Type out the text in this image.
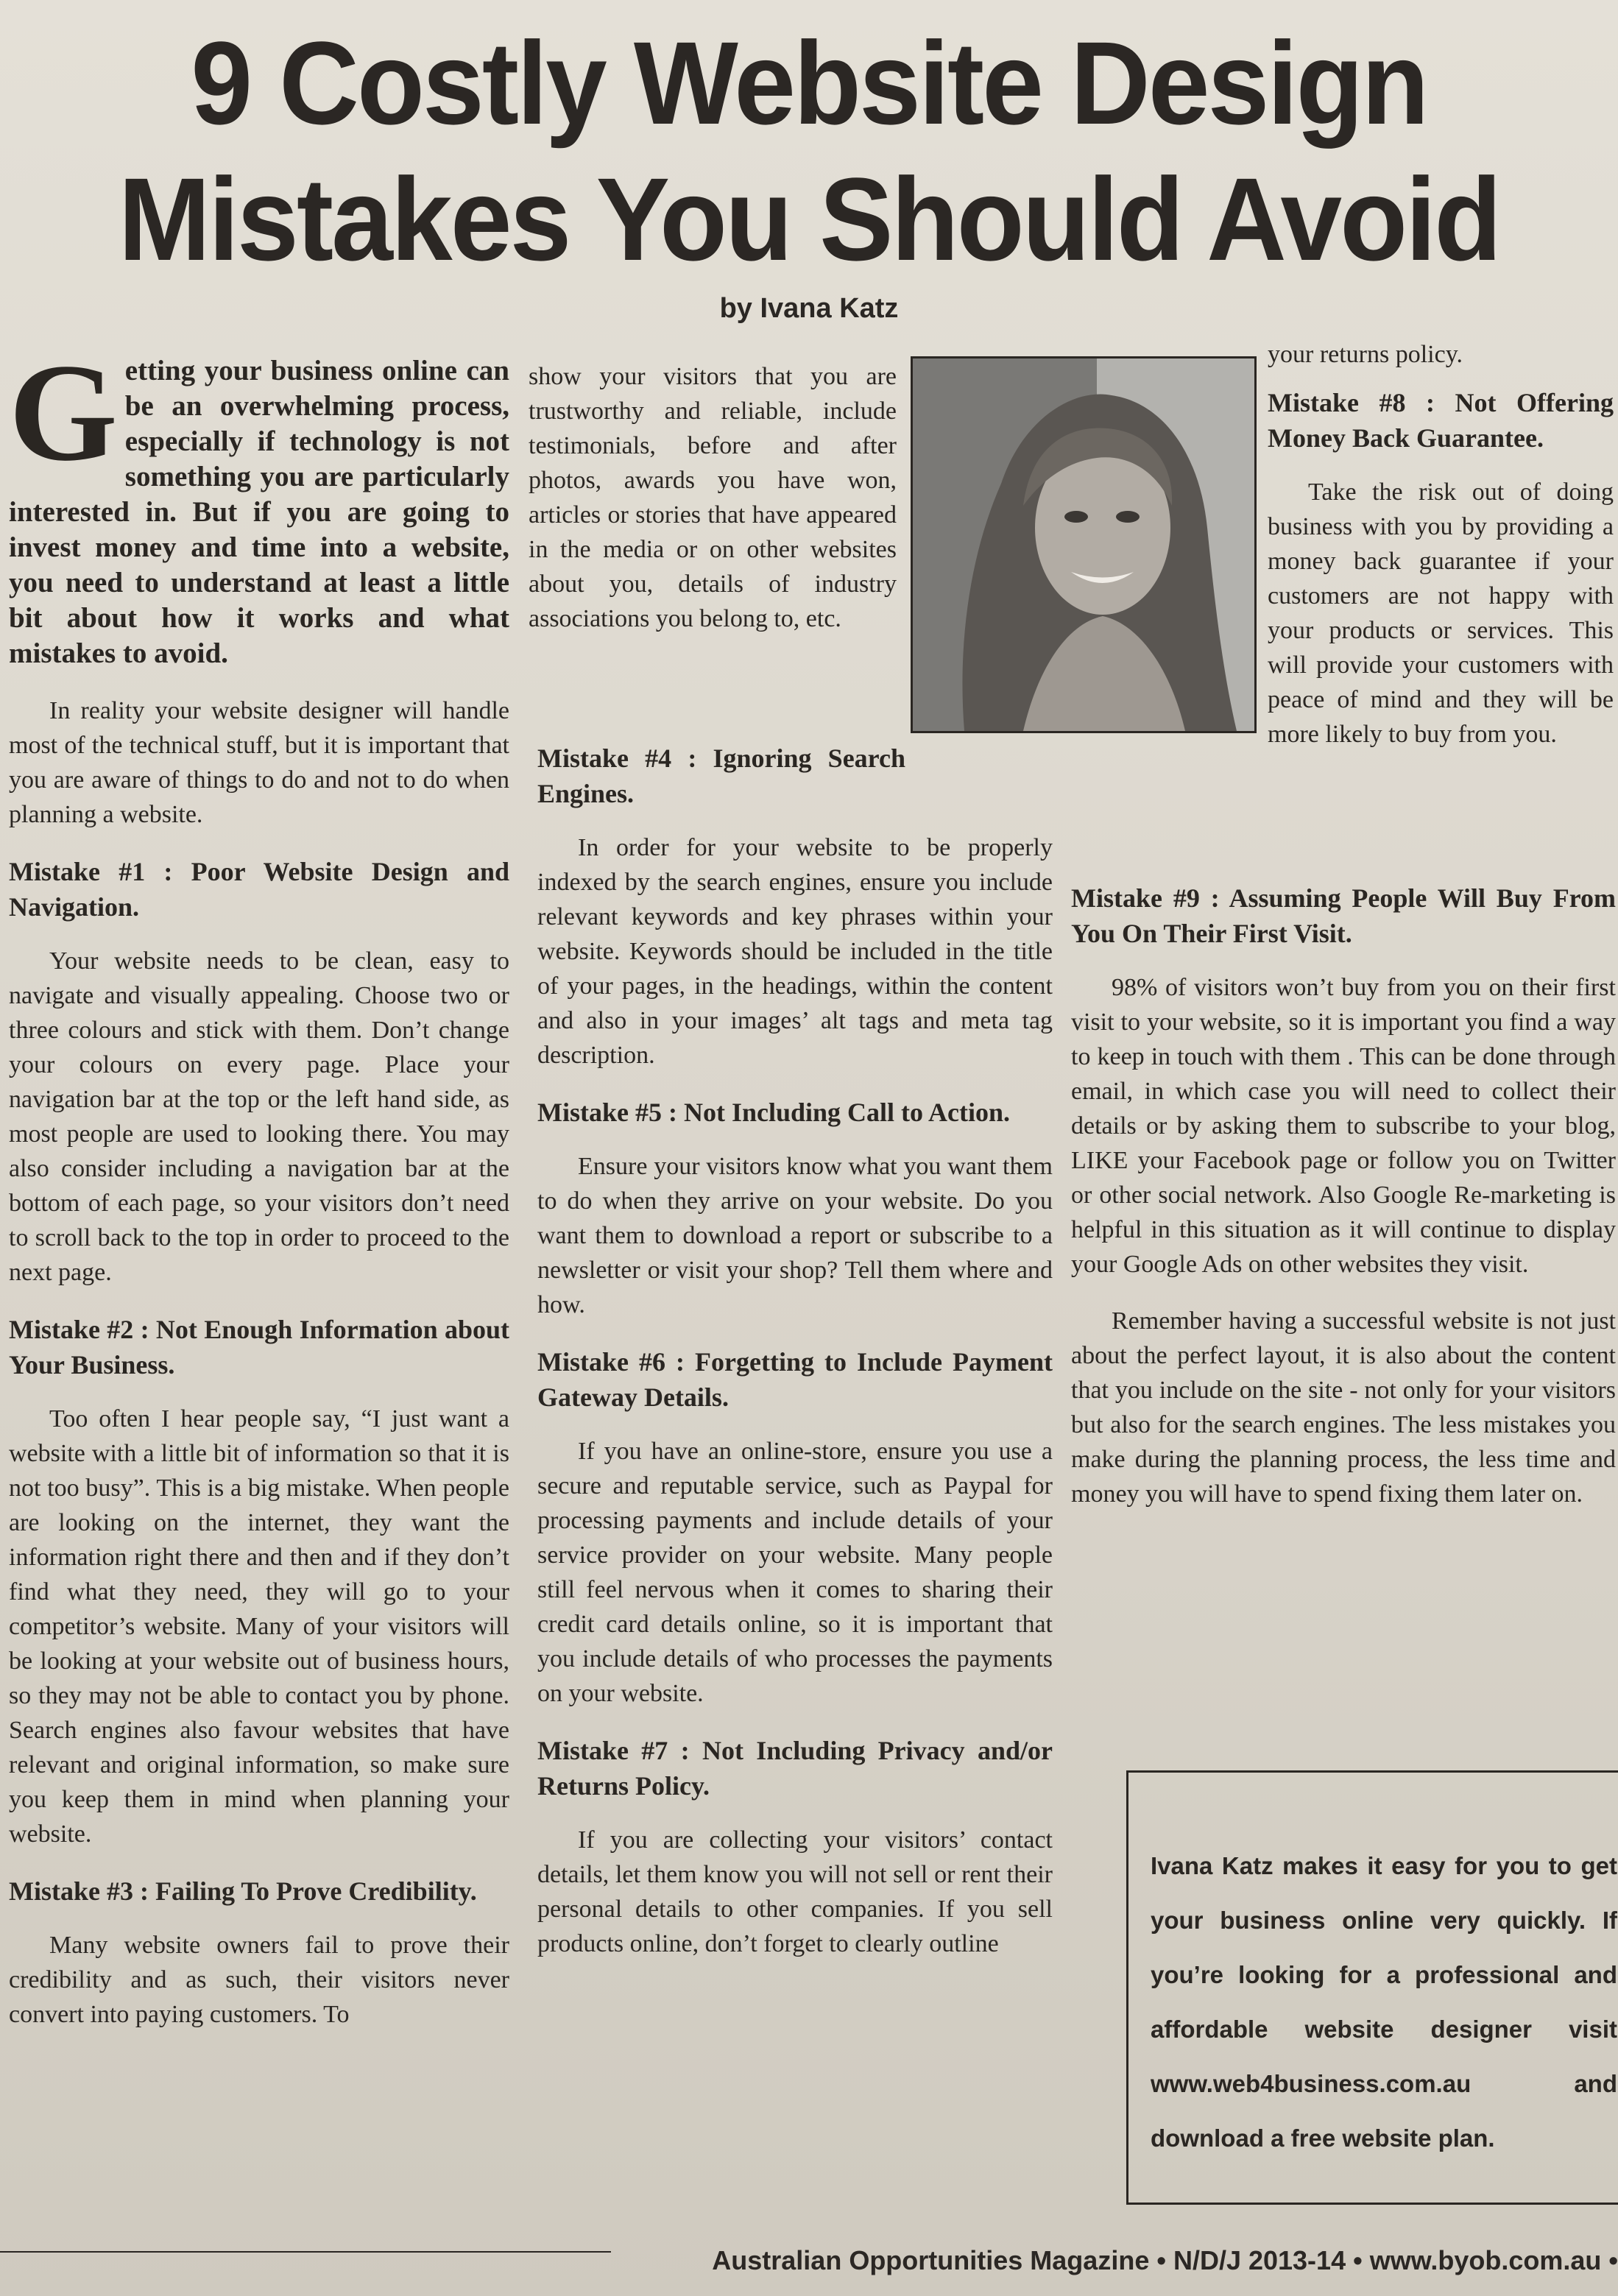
9 Costly Website Design
Mistakes You Should Avoid
by Ivana Katz

Getting your business online can be an overwhelming process, especially if technology is not something you are particularly interested in. But if you are going to invest money and time into a website, you need to understand at least a little bit about how it works and what mistakes to avoid.

In reality your website designer will handle most of the technical stuff, but it is important that you are aware of things to do and not to do when planning a website.

Mistake #1 : Poor Website Design and Navigation.

Your website needs to be clean, easy to navigate and visually appealing. Choose two or three colours and stick with them. Don’t change your colours on every page. Place your navigation bar at the top or the left hand side, as most people are used to looking there. You may also consider including a navigation bar at the bottom of each page, so your visitors don’t need to scroll back to the top in order to proceed to the next page.

Mistake #2 : Not Enough Information about Your Business.

Too often I hear people say, “I just want a website with a little bit of information so that it is not too busy”. This is a big mistake. When people are looking on the internet, they want the information right there and then and if they don’t find what they need, they will go to your competitor’s website. Many of your visitors will be looking at your website out of business hours, so they may not be able to contact you by phone. Search engines also favour websites that have relevant and original information, so make sure you keep them in mind when planning your website.

Mistake #3 : Failing To Prove Credibility.

Many website owners fail to prove their credibility and as such, their visitors never convert into paying customers. To

show your visitors that you are trustworthy and reliable, include testimonials, before and after photos, awards you have won, articles or stories that have appeared in the media or on other websites about you, details of industry associations you belong to, etc.

Mistake #4 : Ignoring Search Engines.

In order for your website to be properly indexed by the search engines, ensure you include relevant keywords and key phrases within your website. Keywords should be included in the title of your pages, in the headings, within the content and also in your images’ alt tags and meta tag description.

Mistake #5 : Not Including Call to Action.

Ensure your visitors know what you want them to do when they arrive on your website. Do you want them to download a report or subscribe to a newsletter or visit your shop? Tell them where and how.

Mistake #6 : Forgetting to Include Payment Gateway Details.

If you have an online-store, ensure you use a secure and reputable service, such as Paypal for processing payments and include details of your service provider on your website. Many people still feel nervous when it comes to sharing their credit card details online, so it is important that you include details of who processes the payments on your website.

Mistake #7 : Not Including Privacy and/or Returns Policy.

If you are collecting your visitors’ contact details, let them know you will not sell or rent their personal details to other companies. If you sell products online, don’t forget to clearly outline

your returns policy.

Mistake #8 : Not Offering Money Back Guarantee.

Take the risk out of doing business with you by providing a money back guarantee if your customers are not happy with your products or services. This will provide your customers with peace of mind and they will be more likely to buy from you.

Mistake #9 : Assuming People Will Buy From You On Their First Visit.

98% of visitors won’t buy from you on their first visit to your website, so it is important you find a way to keep in touch with them . This can be done through email, in which case you will need to collect their details or by asking them to subscribe to your blog, LIKE your Facebook page or follow you on Twitter or other social network. Also Google Re-marketing is helpful in this situation as it will continue to display your Google Ads on other websites they visit.

Remember having a successful website is not just about the perfect layout, it is also about the content that you include on the site - not only for your visitors but also for the search engines. The less mistakes you make during the planning process, the less time and money you will have to spend fixing them later on.

Ivana Katz makes it easy for you to get your business online very quickly. If you’re looking for a professional and affordable website designer visit www.web4business.com.au and download a free website plan.
Australian Opportunities Magazine • N/D/J 2013-14 • www.byob.com.au •
